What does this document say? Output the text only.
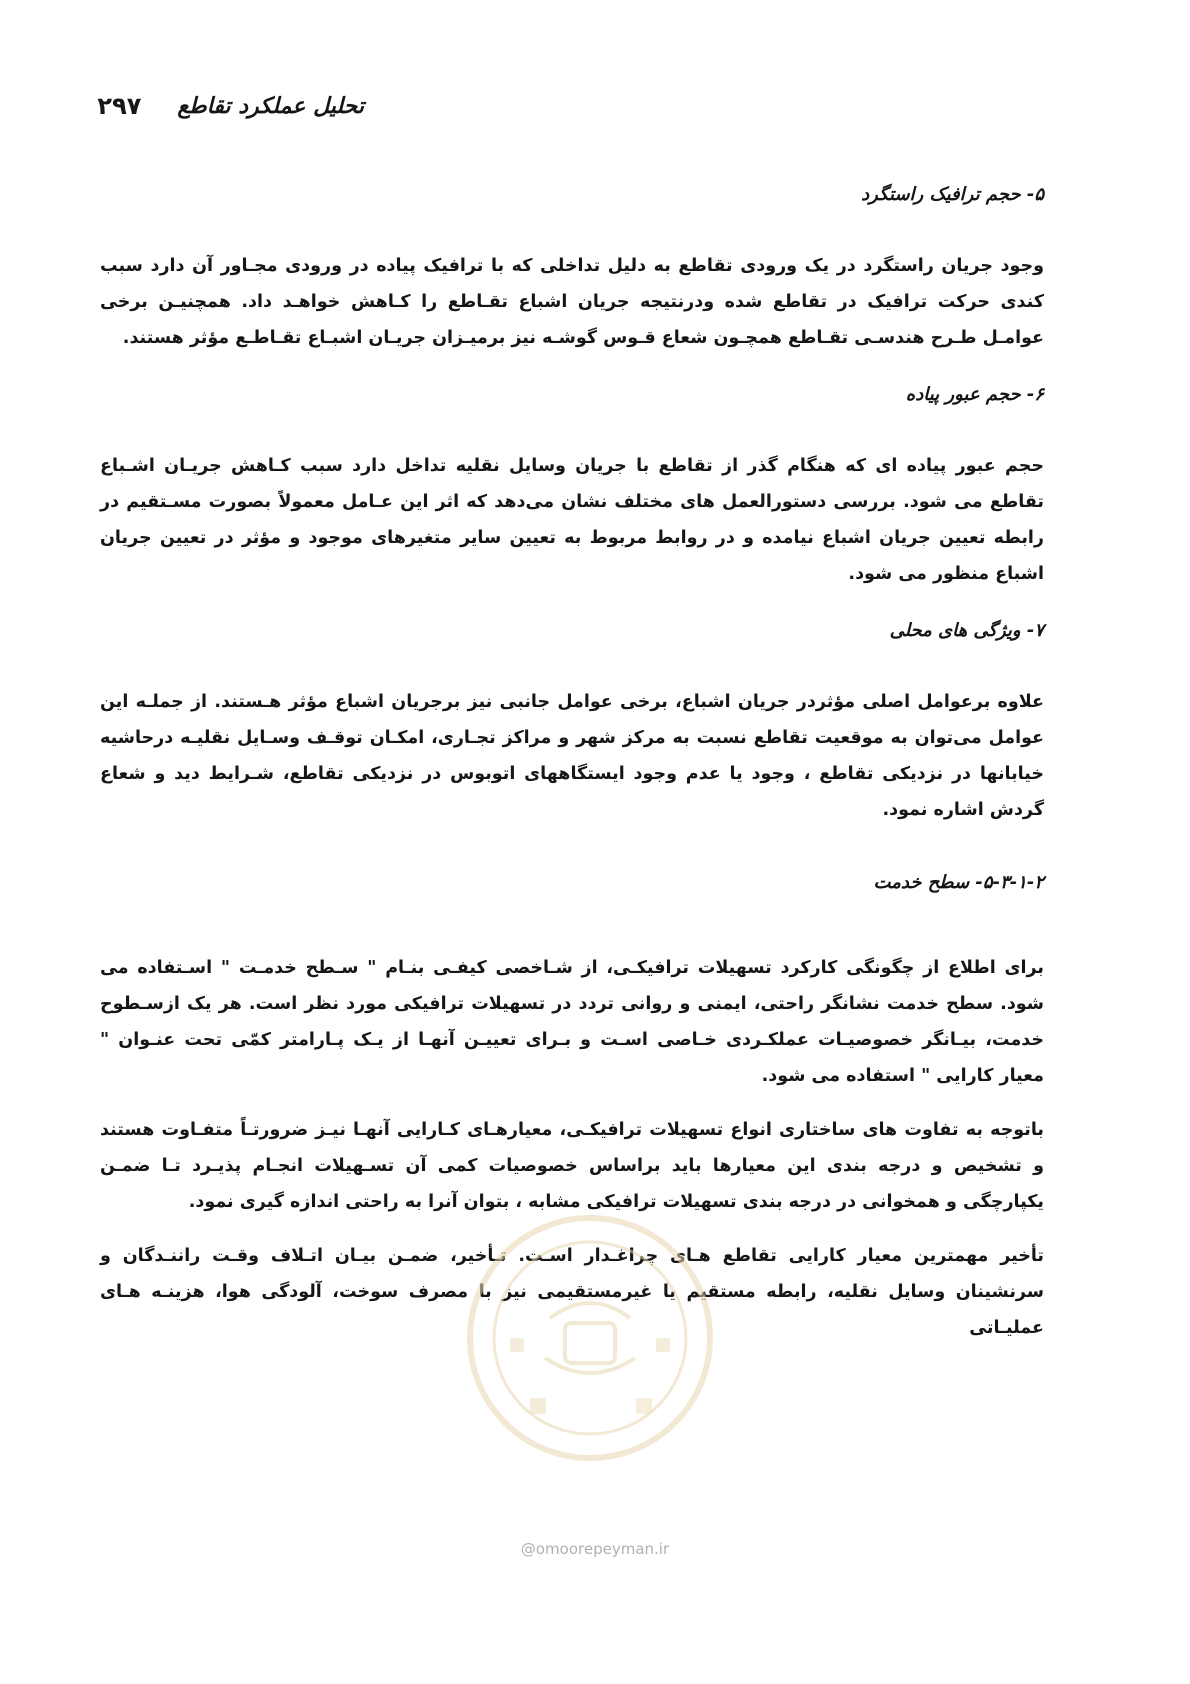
تحلیل عملکرد تقاطع
۲۹۷
۵- حجم ترافیک راستگرد

وجود جریان راستگرد در یک ورودی تقاطع به دلیل تداخلی که با ترافیک پیاده در ورودی مجـاور آن دارد سبب کندی حرکت ترافیک در تقاطع شده ودرنتیجه جریان اشباع تقـاطع را کـاهش خواهـد داد. همچنیـن برخی عوامـل طـرح هندسـی تقـاطع همچـون شعاع قـوس گوشـه نیز برمیـزان جریـان اشبـاع تقـاطـع مؤثر هستند.

۶- حجم عبور پیاده

حجم عبور پیاده ای که هنگام گذر از تقاطع با جریان وسایل نقلیه تداخل دارد سبب کـاهش جریـان اشـباع تقاطع می شود. بررسی دستورالعمل های مختلف نشان می‌دهد که اثر این عـامل معمولاً بصورت مسـتقیم در رابطه تعیین جریان اشباع نیامده و در روابط مربوط به تعیین سایر متغیرهای موجود و مؤثر در تعیین جریان اشباع منظور می شود.

۷- ویژگی های محلی

علاوه برعوامل اصلی مؤثردر جریان اشباع، برخی عوامل جانبی نیز برجریان اشباع مؤثر هـستند. از جملـه این عوامل می‌توان به موقعیت تقاطع نسبت به مرکز شهر و مراکز تجـاری، امکـان توقـف وسـایل نقلیـه درحاشیه خیابانها در نزدیکی تقاطع ، وجود یا عدم وجود ایستگاههای اتوبوس در نزدیکی تقاطع، شـرایط دید و شعاع گردش اشاره نمود.

۵-۳-۱-۲- سطح خدمت

برای اطلاع از چگونگی کارکرد تسهیلات ترافیکـی، از شـاخصی کیفـی بنـام " سـطح خدمـت " اسـتفاده می شود. سطح خدمت نشانگر راحتی، ایمنی و روانی تردد در تسهیلات ترافیکی مورد نظر است. هر یک ازسـطوح خدمت، بیـانگر خصوصیـات عملکـردی خـاصی اسـت و بـرای تعییـن آنهـا از یـک پـارامتر کمّی تحت عنـوان " معیار کارایی " استفاده می شود.

باتوجه به تفاوت های ساختاری انواع تسهیلات ترافیکـی، معیارهـای کـارایی آنهـا نیـز ضرورتـاً متفـاوت هستند و تشخیص و درجه بندی این معیارها باید براساس خصوصیات کمی آن تسـهیلات انجـام پذیـرد تـا ضمـن یکپارچگی و همخوانی در درجه بندی تسهیلات ترافیکی مشابه ، بتوان آنرا به راحتی اندازه گیری نمود.

تأخیر مهمترین معیار کارایی تقاطع هـای چراغـدار اسـت. تـأخیر، ضمـن بیـان اتـلاف وقـت راننـدگان و سرنشینان وسایل نقلیه، رابطه مستقیم یا غیرمستقیمی نیز با مصرف سوخت، آلودگی هوا، هزینـه هـای عملیـاتی

@omoorepeyman.ir
